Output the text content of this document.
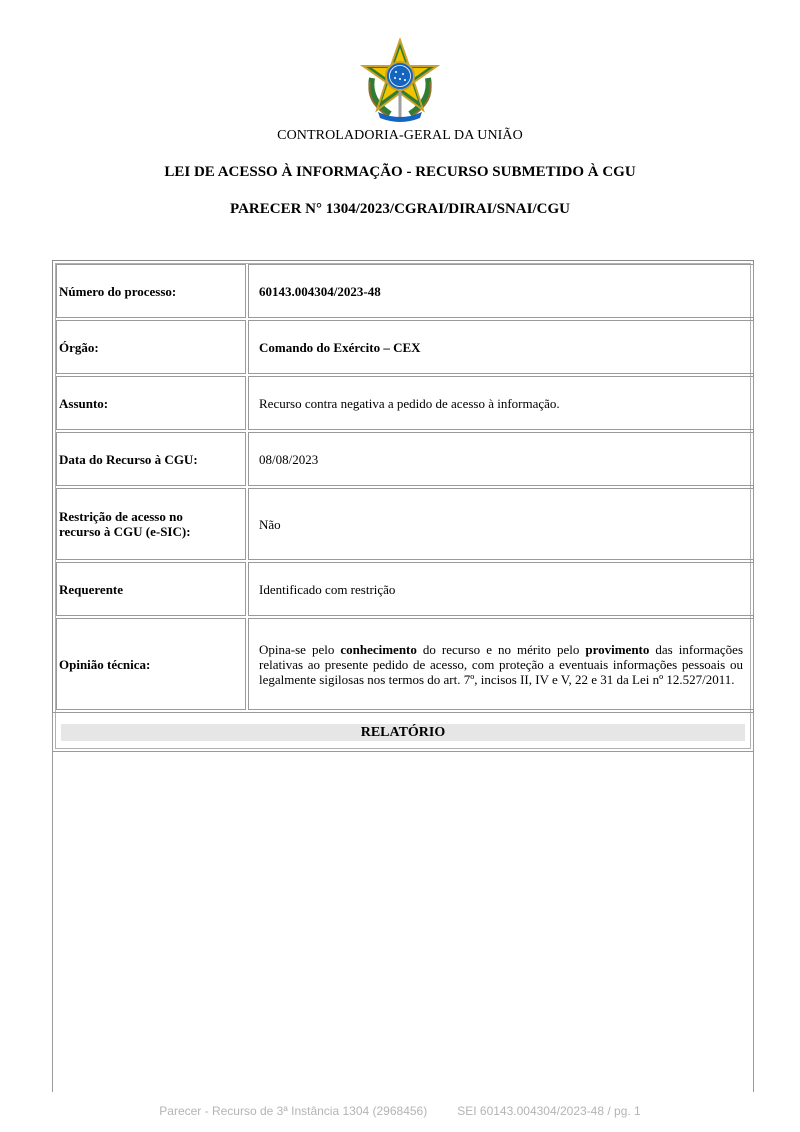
CONTROLADORIA-GERAL DA UNIÃO
LEI DE ACESSO À INFORMAÇÃO - RECURSO SUBMETIDO À CGU
PARECER N° 1304/2023/CGRAI/DIRAI/SNAI/CGU
Número do processo:	60143.004304/2023-48
Órgão:	Comando do Exército – CEX
Assunto:	Recurso contra negativa a pedido de acesso à informação.
Data do Recurso à CGU:	08/08/2023
Restrição de acesso no recurso à CGU (e-SIC):	Não
Requerente	Identificado com restrição
Opinião técnica:
Opina-se pelo conhecimento do recurso e no mérito pelo provimento das informações relativas ao presente pedido de acesso, com proteção a eventuais informações pessoais ou legalmente sigilosas nos termos do art. 7º, incisos II, IV e V, 22 e 31 da Lei nº 12.527/2011.
RELATÓRIO
Parecer - Recurso de 3ª Instância 1304 (2968456)	SEI 60143.004304/2023-48 / pg. 1
